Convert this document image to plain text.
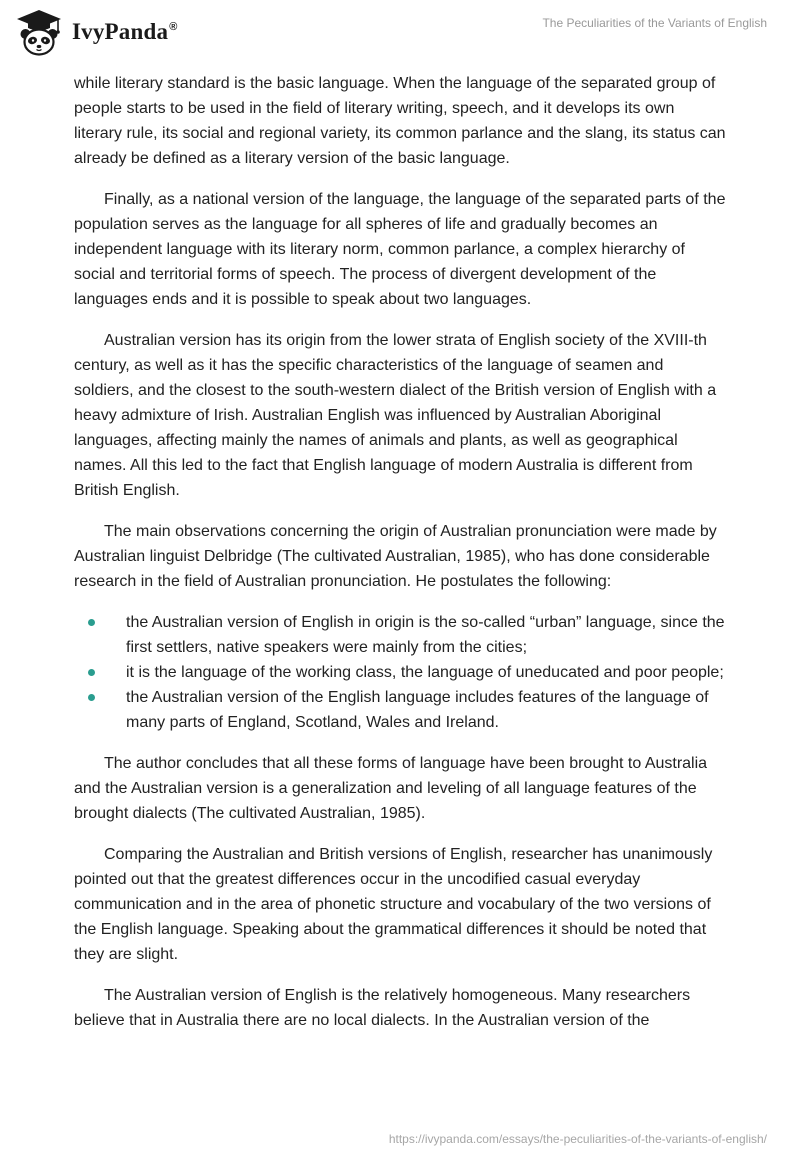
IvyPanda®	The Peculiarities of the Variants of English

while literary standard is the basic language. When the language of the separated group of people starts to be used in the field of literary writing, speech, and it develops its own literary rule, its social and regional variety, its common parlance and the slang, its status can already be defined as a literary version of the basic language.

Finally, as a national version of the language, the language of the separated parts of the population serves as the language for all spheres of life and gradually becomes an independent language with its literary norm, common parlance, a complex hierarchy of social and territorial forms of speech. The process of divergent development of the languages ends and it is possible to speak about two languages.

Australian version has its origin from the lower strata of English society of the XVIII-th century, as well as it has the specific characteristics of the language of seamen and soldiers, and the closest to the south-western dialect of the British version of English with a heavy admixture of Irish. Australian English was influenced by Australian Aboriginal languages, affecting mainly the names of animals and plants, as well as geographical names. All this led to the fact that English language of modern Australia is different from British English.

The main observations concerning the origin of Australian pronunciation were made by Australian linguist Delbridge (The cultivated Australian, 1985), who has done considerable research in the field of Australian pronunciation. He postulates the following:

the Australian version of English in origin is the so-called “urban” language, since the first settlers, native speakers were mainly from the cities;
it is the language of the working class, the language of uneducated and poor people;
the Australian version of the English language includes features of the language of many parts of England, Scotland, Wales and Ireland.

The author concludes that all these forms of language have been brought to Australia and the Australian version is a generalization and leveling of all language features of the brought dialects (The cultivated Australian, 1985).

Comparing the Australian and British versions of English, researcher has unanimously pointed out that the greatest differences occur in the uncodified casual everyday communication and in the area of phonetic structure and vocabulary of the two versions of the English language. Speaking about the grammatical differences it should be noted that they are slight.

The Australian version of English is the relatively homogeneous. Many researchers believe that in Australia there are no local dialects. In the Australian version of the

https://ivypanda.com/essays/the-peculiarities-of-the-variants-of-english/
